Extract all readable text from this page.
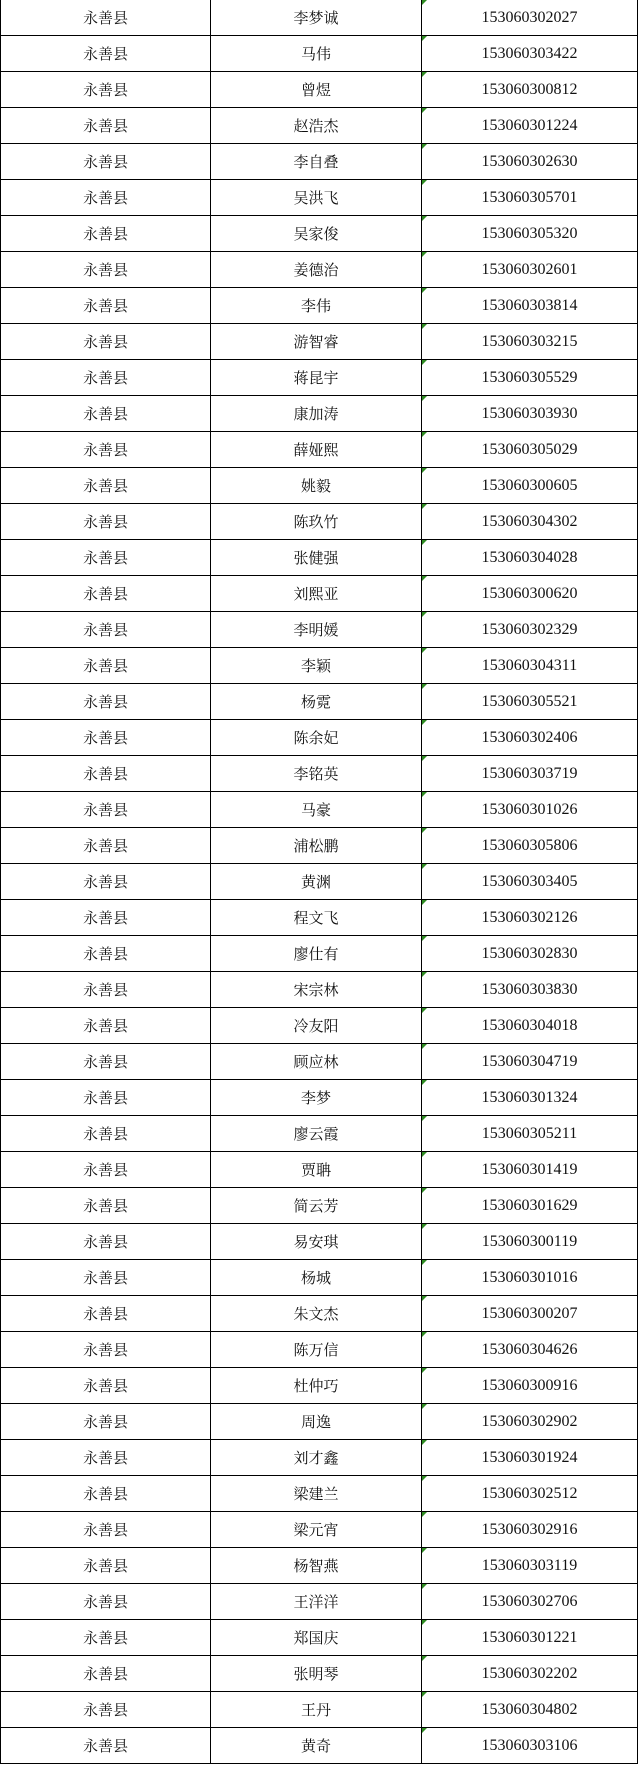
永善县	李梦诚	153060302027
永善县	马伟	153060303422
永善县	曾煜	153060300812
永善县	赵浩杰	153060301224
永善县	李自叠	153060302630
永善县	吴洪飞	153060305701
永善县	吴家俊	153060305320
永善县	姜德治	153060302601
永善县	李伟	153060303814
永善县	游智睿	153060303215
永善县	蒋昆宇	153060305529
永善县	康加涛	153060303930
永善县	薛娅熙	153060305029
永善县	姚毅	153060300605
永善县	陈玖竹	153060304302
永善县	张健强	153060304028
永善县	刘熙亚	153060300620
永善县	李明媛	153060302329
永善县	李颖	153060304311
永善县	杨霓	153060305521
永善县	陈余妃	153060302406
永善县	李铭英	153060303719
永善县	马豪	153060301026
永善县	浦松鹏	153060305806
永善县	黄渊	153060303405
永善县	程文飞	153060302126
永善县	廖仕有	153060302830
永善县	宋宗林	153060303830
永善县	冷友阳	153060304018
永善县	顾应林	153060304719
永善县	李梦	153060301324
永善县	廖云霞	153060305211
永善县	贾聃	153060301419
永善县	简云芳	153060301629
永善县	易安琪	153060300119
永善县	杨城	153060301016
永善县	朱文杰	153060300207
永善县	陈万信	153060304626
永善县	杜仲巧	153060300916
永善县	周逸	153060302902
永善县	刘才鑫	153060301924
永善县	梁建兰	153060302512
永善县	梁元宵	153060302916
永善县	杨智燕	153060303119
永善县	王洋洋	153060302706
永善县	郑国庆	153060301221
永善县	张明琴	153060302202
永善县	王丹	153060304802
永善县	黄奇	153060303106
